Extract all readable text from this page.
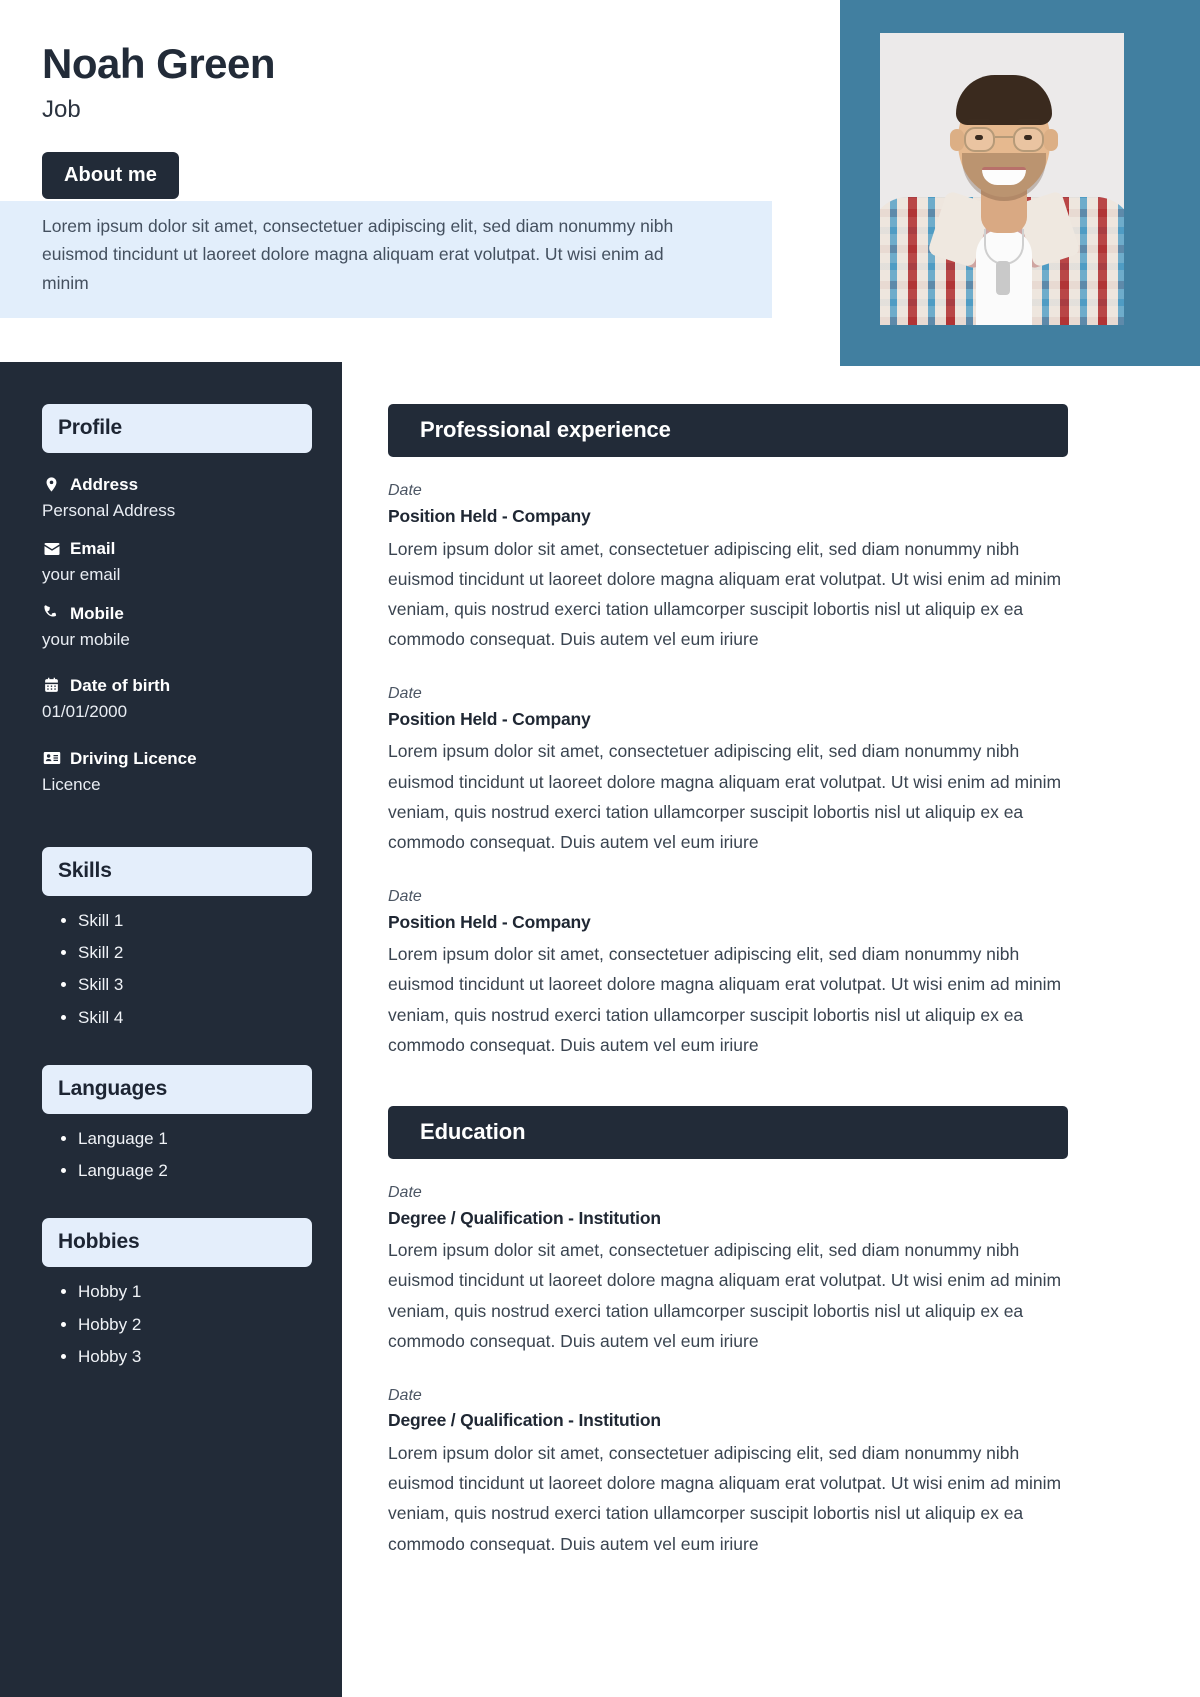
Noah Green
Job
About me
Lorem ipsum dolor sit amet, consectetuer adipiscing elit, sed diam nonummy nibh euismod tincidunt ut laoreet dolore magna aliquam erat volutpat. Ut wisi enim ad minim
Profile
Address
Personal Address
Email
your email
Mobile
your mobile
Date of birth
01/01/2000
Driving Licence
Licence
Skills
• Skill 1
• Skill 2
• Skill 3
• Skill 4
Languages
• Language 1
• Language 2
Hobbies
• Hobby 1
• Hobby 2
• Hobby 3
Professional experience
Date
Position Held - Company
Lorem ipsum dolor sit amet, consectetuer adipiscing elit, sed diam nonummy nibh euismod tincidunt ut laoreet dolore magna aliquam erat volutpat. Ut wisi enim ad minim veniam, quis nostrud exerci tation ullamcorper suscipit lobortis nisl ut aliquip ex ea commodo consequat. Duis autem vel eum iriure
Date
Position Held - Company
Lorem ipsum dolor sit amet, consectetuer adipiscing elit, sed diam nonummy nibh euismod tincidunt ut laoreet dolore magna aliquam erat volutpat. Ut wisi enim ad minim veniam, quis nostrud exerci tation ullamcorper suscipit lobortis nisl ut aliquip ex ea commodo consequat. Duis autem vel eum iriure
Date
Position Held - Company
Lorem ipsum dolor sit amet, consectetuer adipiscing elit, sed diam nonummy nibh euismod tincidunt ut laoreet dolore magna aliquam erat volutpat. Ut wisi enim ad minim veniam, quis nostrud exerci tation ullamcorper suscipit lobortis nisl ut aliquip ex ea commodo consequat. Duis autem vel eum iriure
Education
Date
Degree / Qualification - Institution
Lorem ipsum dolor sit amet, consectetuer adipiscing elit, sed diam nonummy nibh euismod tincidunt ut laoreet dolore magna aliquam erat volutpat. Ut wisi enim ad minim veniam, quis nostrud exerci tation ullamcorper suscipit lobortis nisl ut aliquip ex ea commodo consequat. Duis autem vel eum iriure
Date
Degree / Qualification - Institution
Lorem ipsum dolor sit amet, consectetuer adipiscing elit, sed diam nonummy nibh euismod tincidunt ut laoreet dolore magna aliquam erat volutpat. Ut wisi enim ad minim veniam, quis nostrud exerci tation ullamcorper suscipit lobortis nisl ut aliquip ex ea commodo consequat. Duis autem vel eum iriure
